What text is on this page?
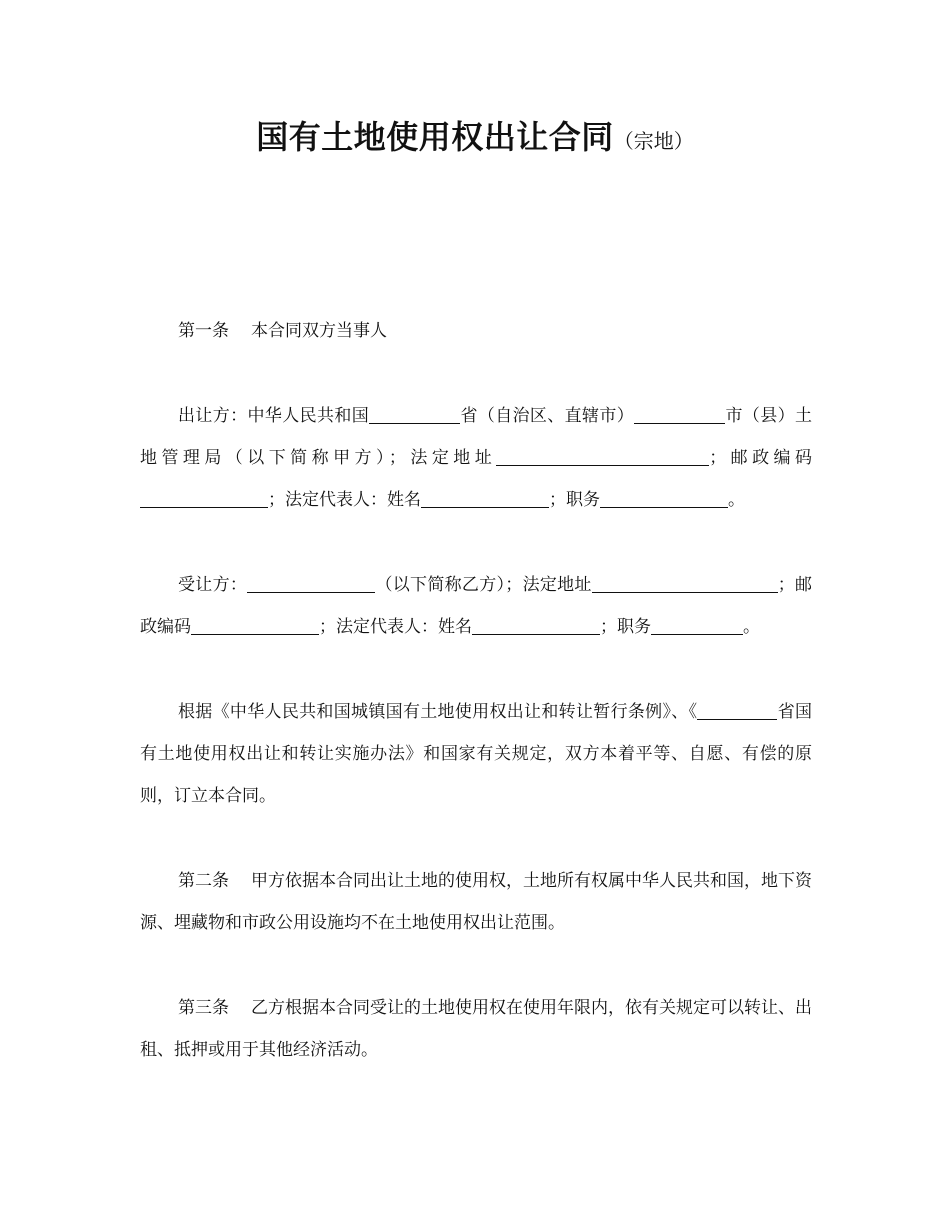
国有土地使用权出让合同（宗地）

第一条 本合同双方当事人

出让方：中华人民共和国	省（自治区、直辖市）	市（县）土地管理局（以下简称甲方）；法定地址	；邮政编码；法定代表人：姓名	；职务	。

受让方：	（以下简称乙方）；法定地址	；邮政编码	；法定代表人：姓名	；职务	。

根据《中华人民共和国城镇国有土地使用权出让和转让暂行条例》、《	省国有土地使用权出让和转让实施办法》和国家有关规定，双方本着平等、自愿、有偿的原则，订立本合同。

第二条 甲方依据本合同出让土地的使用权，土地所有权属中华人民共和国，地下资源、埋藏物和市政公用设施均不在土地使用权出让范围。

第三条 乙方根据本合同受让的土地使用权在使用年限内，依有关规定可以转让、出租、抵押或用于其他经济活动。
